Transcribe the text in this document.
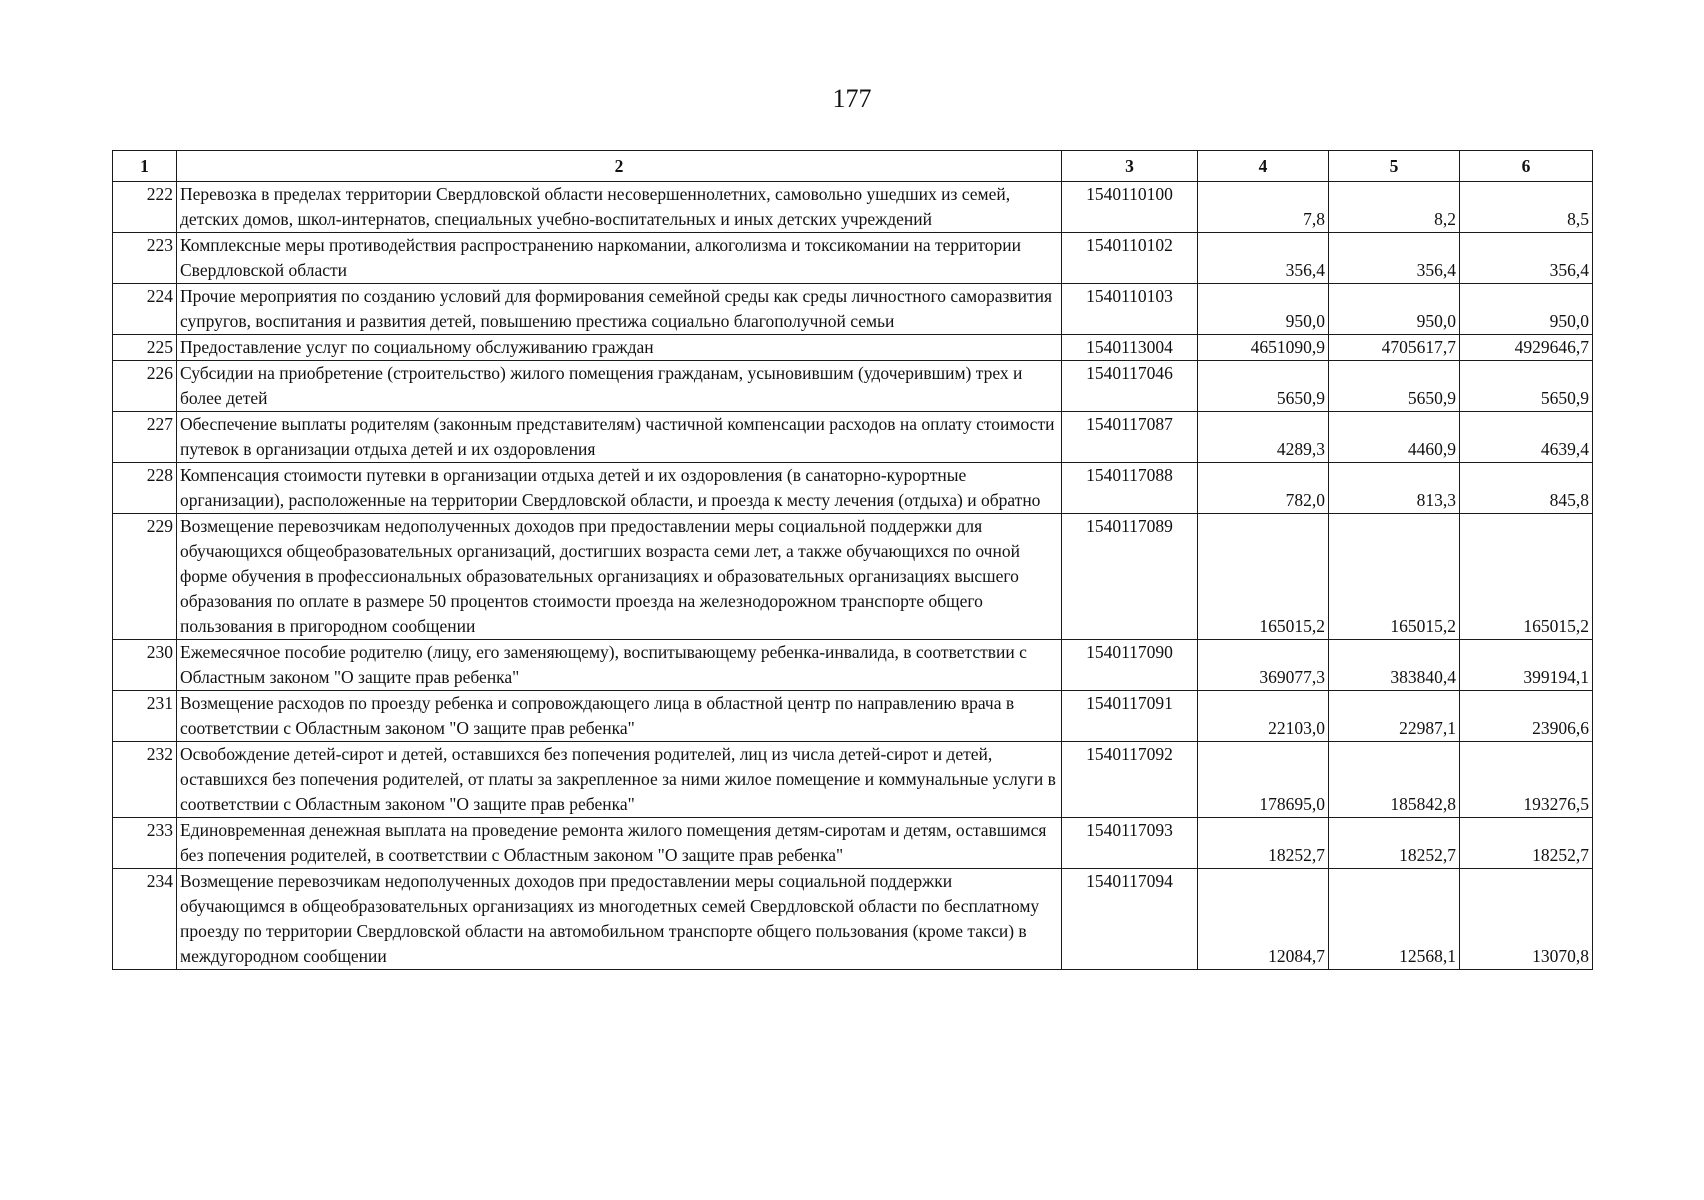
177
1	2	3	4	5	6
222	Перевозка в пределах территории Свердловской области несовершеннолетних, самовольно ушедших из семей, детских домов, школ-интернатов, специальных учебно-воспитательных и иных детских учреждений	1540110100	7,8	8,2	8,5
223	Комплексные меры противодействия распространению наркомании, алкоголизма и токсикомании на территории Свердловской области	1540110102	356,4	356,4	356,4
224	Прочие мероприятия по созданию условий для формирования семейной среды как среды личностного саморазвития супругов, воспитания и развития детей, повышению престижа социально благополучной семьи	1540110103	950,0	950,0	950,0
225	Предоставление услуг по социальному обслуживанию граждан	1540113004	4651090,9	4705617,7	4929646,7
226	Субсидии на приобретение (строительство) жилого помещения гражданам, усыновившим (удочерившим) трех и более детей	1540117046	5650,9	5650,9	5650,9
227	Обеспечение выплаты родителям (законным представителям) частичной компенсации расходов на оплату стоимости путевок в организации отдыха детей и их оздоровления	1540117087	4289,3	4460,9	4639,4
228	Компенсация стоимости путевки в организации отдыха детей и их оздоровления (в санаторно-курортные организации), расположенные на территории Свердловской области, и проезда к месту лечения (отдыха) и обратно	1540117088	782,0	813,3	845,8
229	Возмещение перевозчикам недополученных доходов при предоставлении меры социальной поддержки для обучающихся общеобразовательных организаций, достигших возраста семи лет, а также обучающихся по очной форме обучения в профессиональных образовательных организациях и образовательных организациях высшего образования по оплате в размере 50 процентов стоимости проезда на железнодорожном транспорте общего пользования в пригородном сообщении	1540117089	165015,2	165015,2	165015,2
230	Ежемесячное пособие родителю (лицу, его заменяющему), воспитывающему ребенка-инвалида, в соответствии с Областным законом "О защите прав ребенка"	1540117090	369077,3	383840,4	399194,1
231	Возмещение расходов по проезду ребенка и сопровождающего лица в областной центр по направлению врача в соответствии с Областным законом "О защите прав ребенка"	1540117091	22103,0	22987,1	23906,6
232	Освобождение детей-сирот и детей, оставшихся без попечения родителей, лиц из числа детей-сирот и детей, оставшихся без попечения родителей, от платы за закрепленное за ними жилое помещение и коммунальные услуги в соответствии с Областным законом "О защите прав ребенка"	1540117092	178695,0	185842,8	193276,5
233	Единовременная денежная выплата на проведение ремонта жилого помещения детям-сиротам и детям, оставшимся без попечения родителей, в соответствии с Областным законом "О защите прав ребенка"	1540117093	18252,7	18252,7	18252,7
234	Возмещение перевозчикам недополученных доходов при предоставлении меры социальной поддержки обучающимся в общеобразовательных организациях из многодетных семей Свердловской области по бесплатному проезду по территории Свердловской области на автомобильном транспорте общего пользования (кроме такси) в междугородном сообщении	1540117094	12084,7	12568,1	13070,8
